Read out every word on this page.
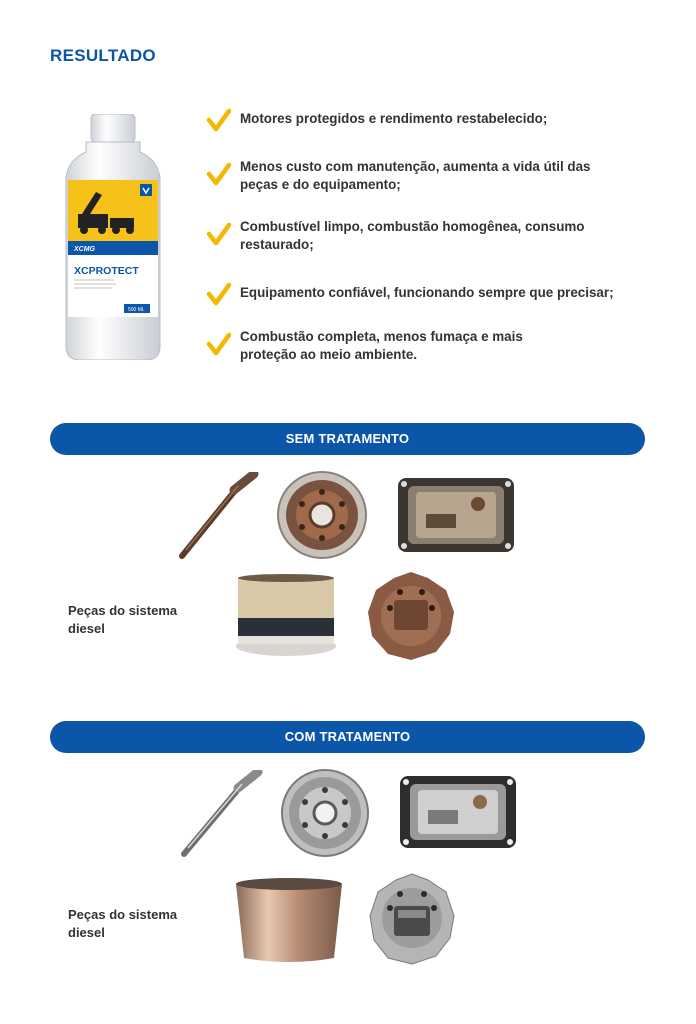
RESULTADO
XCMG
XCPROTECT
500 ML
Motores protegidos e rendimento restabelecido;
Menos custo com manutenção, aumenta a vida útil das
peças e do equipamento;
Combustível limpo, combustão homogênea, consumo
restaurado;
Equipamento confiável, funcionando sempre que precisar;
Combustão completa, menos fumaça e mais
proteção ao meio ambiente.
SEM TRATAMENTO
Peças do sistema
diesel
COM TRATAMENTO
Peças do sistema
diesel
